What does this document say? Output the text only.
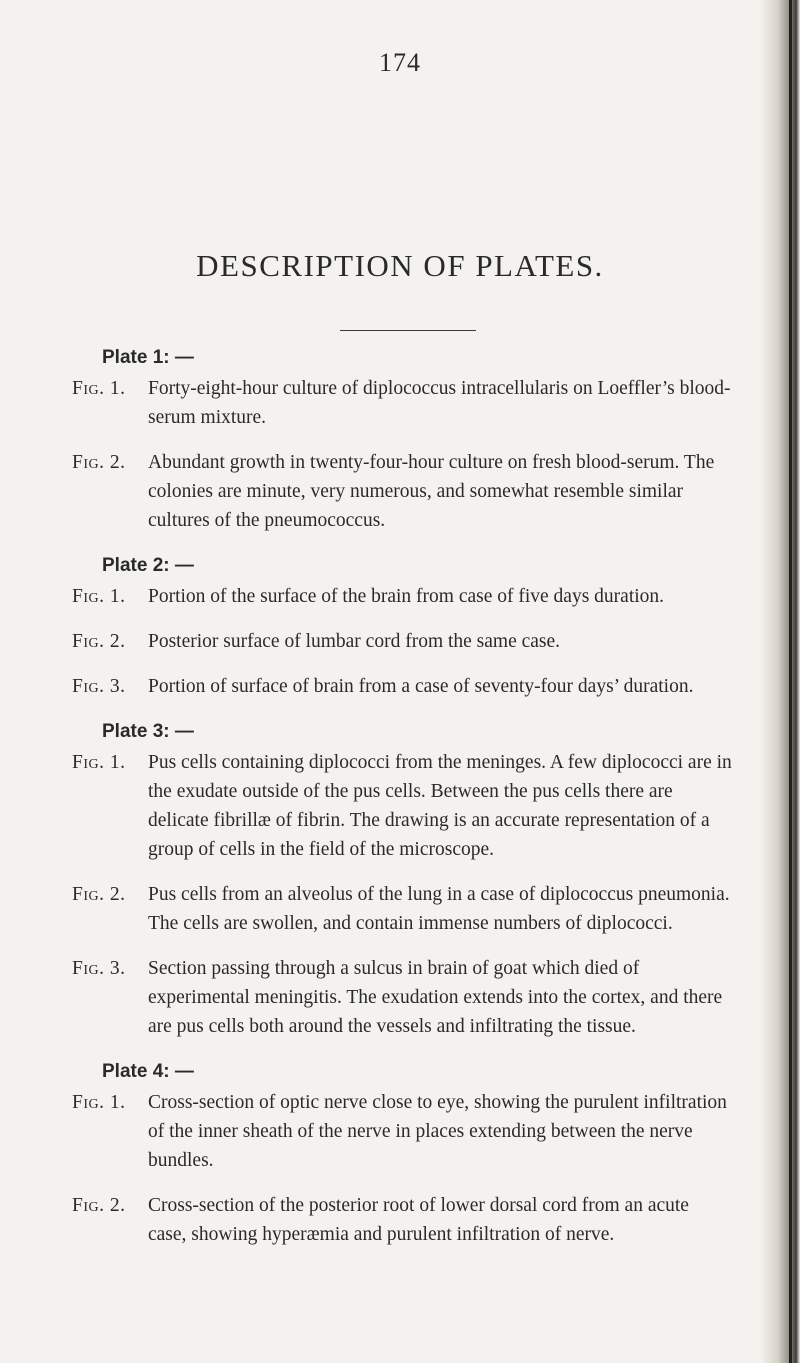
174
DESCRIPTION OF PLATES.
Plate 1: —
Fig. 1. Forty-eight-hour culture of diplococcus intracellularis on Loeffler’s blood-serum mixture.
Fig. 2. Abundant growth in twenty-four-hour culture on fresh blood-serum. The colonies are minute, very numerous, and somewhat resemble similar cultures of the pneumococcus.
Plate 2: —
Fig. 1. Portion of the surface of the brain from case of five days duration.
Fig. 2. Posterior surface of lumbar cord from the same case.
Fig. 3. Portion of surface of brain from a case of seventy-four days’ duration.
Plate 3: —
Fig. 1. Pus cells containing diplococci from the meninges. A few diplococci are in the exudate outside of the pus cells. Between the pus cells there are delicate fibrillæ of fibrin. The drawing is an accurate representation of a group of cells in the field of the microscope.
Fig. 2. Pus cells from an alveolus of the lung in a case of diplococcus pneumonia. The cells are swollen, and contain immense numbers of diplococci.
Fig. 3. Section passing through a sulcus in brain of goat which died of experimental meningitis. The exudation extends into the cortex, and there are pus cells both around the vessels and infiltrating the tissue.
Plate 4: —
Fig. 1. Cross-section of optic nerve close to eye, showing the purulent infiltration of the inner sheath of the nerve in places extending between the nerve bundles.
Fig. 2. Cross-section of the posterior root of lower dorsal cord from an acute case, showing hyperæmia and purulent infiltration of nerve.
